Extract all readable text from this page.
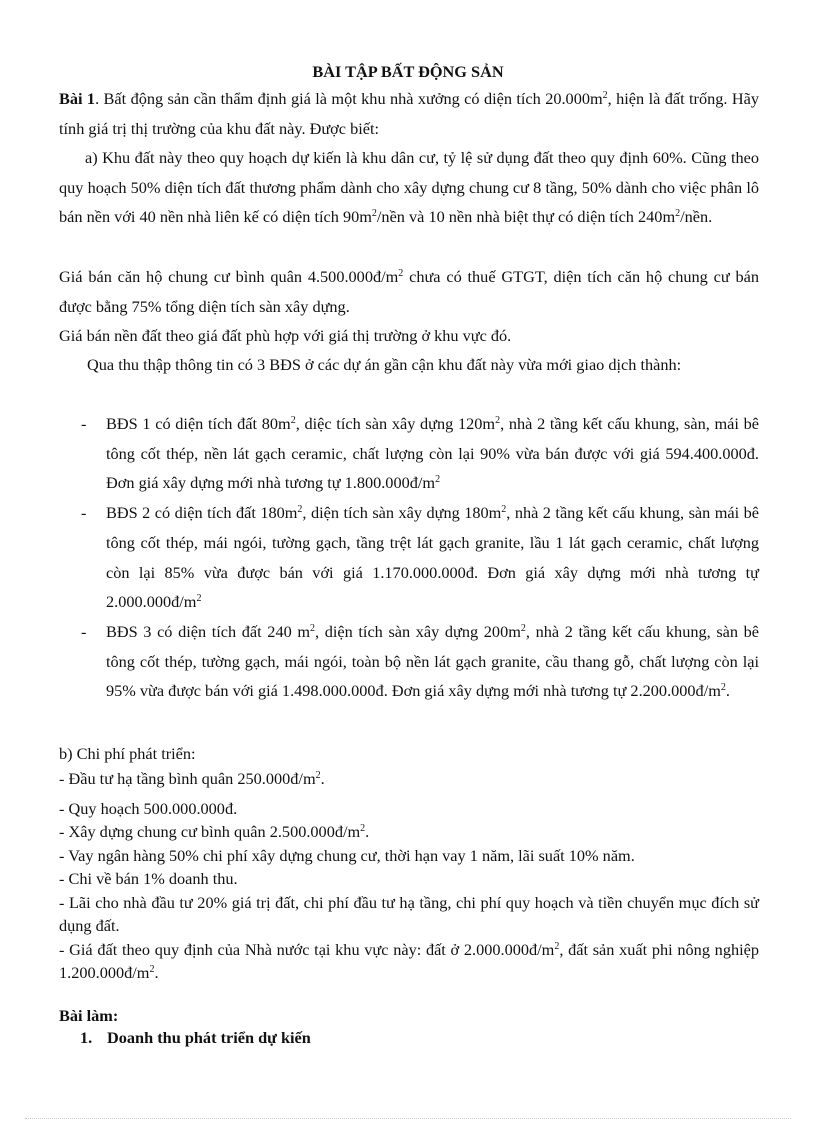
BÀI TẬP BẤT ĐỘNG SẢN
Bài 1. Bất động sản cần thẩm định giá là một khu nhà xưởng có diện tích $20.000m^2$, hiện là đất trống. Hãy tính giá trị thị trường của khu đất này. Được biết:
a) Khu đất này theo quy hoạch dự kiến là khu dân cư, tỷ lệ sử dụng đất theo quy định 60%. Cũng theo quy hoạch 50% diện tích đất thương phẩm dành cho xây dựng chung cư 8 tầng, 50% dành cho việc phân lô bán nền với 40 nền nhà liên kế có diện tích $90m^2$/nền và 10 nền nhà biệt thự có diện tích $240m^2$/nền.
Giá bán căn hộ chung cư bình quân $4.500.000đ/m^2$ chưa có thuế GTGT, diện tích căn hộ chung cư bán được bằng 75% tổng diện tích sàn xây dựng.
Giá bán nền đất theo giá đất phù hợp với giá thị trường ở khu vực đó.
Qua thu thập thông tin có 3 BĐS ở các dự án gần cận khu đất này vừa mới giao dịch thành:
- BĐS 1 có diện tích đất $80m^2$, diệc tích sàn xây dựng $120m^2$, nhà 2 tầng kết cấu khung, sàn, mái bê tông cốt thép, nền lát gạch ceramic, chất lượng còn lại 90% vừa bán được với giá 594.400.000đ. Đơn giá xây dựng mới nhà tương tự $1.800.000đ/m^2$
- BĐS 2 có diện tích đất $180m^2$, diện tích sàn xây dựng $180m^2$, nhà 2 tầng kết cấu khung, sàn mái bê tông cốt thép, mái ngói, tường gạch, tầng trệt lát gạch granite, lầu 1 lát gạch ceramic, chất lượng còn lại 85% vừa được bán với giá 1.170.000.000đ. Đơn giá xây dựng mới nhà tương tự $2.000.000đ/m^2$
- BĐS 3 có diện tích đất 240 $m^2$, diện tích sàn xây dựng $200m^2$, nhà 2 tầng kết cấu khung, sàn bê tông cốt thép, tường gạch, mái ngói, toàn bộ nền lát gạch granite, cầu thang gỗ, chất lượng còn lại 95% vừa được bán với giá 1.498.000.000đ. Đơn giá xây dựng mới nhà tương tự $2.200.000đ/m^2$.
b) Chi phí phát triển:
- Đầu tư hạ tầng bình quân $250.000đ/m^2$.
- Quy hoạch 500.000.000đ.
- Xây dựng chung cư bình quân $2.500.000đ/m^2$.
- Vay ngân hàng 50% chi phí xây dựng chung cư, thời hạn vay 1 năm, lãi suất 10% năm.
- Chi về bán 1% doanh thu.
- Lãi cho nhà đầu tư 20% giá trị đất, chi phí đầu tư hạ tầng, chi phí quy hoạch và tiền chuyển mục đích sử dụng đất.
- Giá đất theo quy định của Nhà nước tại khu vực này: đất ở $2.000.000đ/m^2$, đất sản xuất phi nông nghiệp $1.200.000đ/m^2$.
Bài làm:
1. Doanh thu phát triển dự kiến
